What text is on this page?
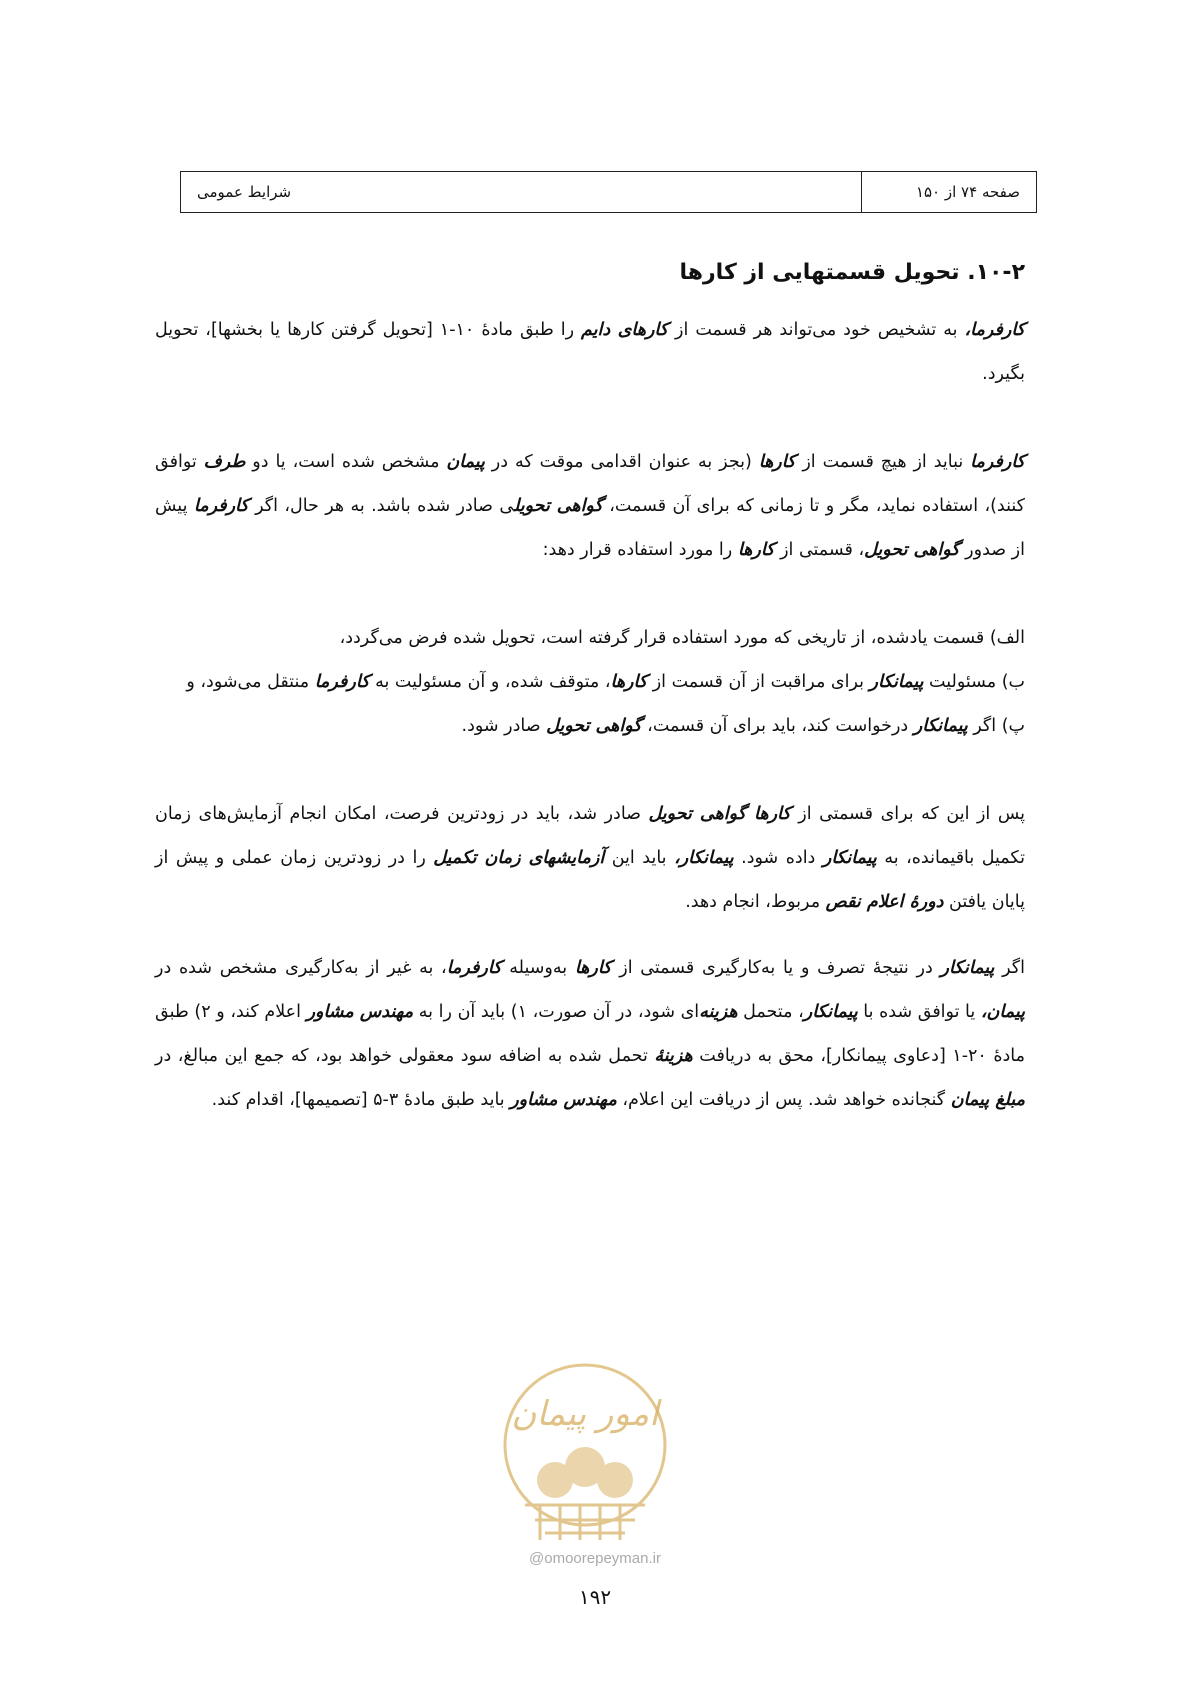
صفحه ۷۴ از ۱۵۰
شرایط عمومی
۱۰-۲. تحویل قسمتهایی از کارها

کارفرما، به تشخیص خود می‌تواند هر قسمت از کارهای دایم را طبق مادهٔ ۱۰-۱ [تحویل گرفتن کارها یا بخشها]، تحویل بگیرد.

کارفرما نباید از هیچ قسمت از کارها (بجز به عنوان اقدامی موقت که در پیمان مشخص شده است، یا دو طرف توافق کنند)، استفاده نماید، مگر و تا زمانی که برای آن قسمت، گواهی تحویلی صادر شده باشد. به هر حال، اگر کارفرما پیش از صدور گواهی تحویل، قسمتی از کارها را مورد استفاده قرار دهد:

الف) قسمت یادشده، از تاریخی که مورد استفاده قرار گرفته است، تحویل شده فرض می‌گردد،

ب) مسئولیت پیمانکار برای مراقبت از آن قسمت از کارها، متوقف شده، و آن مسئولیت به کارفرما منتقل می‌شود، و

پ) اگر پیمانکار درخواست کند، باید برای آن قسمت، گواهی تحویل صادر شود.

پس از این که برای قسمتی از کارها گواهی تحویل صادر شد، باید در زودترین فرصت، امکان انجام آزمایش‌های زمان تکمیل باقیمانده، به پیمانکار داده شود. پیمانکار، باید این آزمایشهای زمان تکمیل را در زودترین زمان عملی و پیش از پایان یافتن دورهٔ اعلام نقص مربوط، انجام دهد.

اگر پیمانکار در نتیجهٔ تصرف و یا به‌کارگیری قسمتی از کارها به‌وسیله کارفرما، به غیر از به‌کارگیری مشخص شده در پیمان، یا توافق شده با پیمانکار، متحمل هزینه‌ای شود، در آن صورت، ۱) باید آن را به مهندس مشاور اعلام کند، و ۲) طبق مادهٔ ۲۰-۱ [دعاوی پیمانکار]، محق به دریافت هزینهٔ تحمل شده به اضافه سود معقولی خواهد بود، که جمع این مبالغ، در مبلغ پیمان گنجانده خواهد شد. پس از دریافت این اعلام، مهندس مشاور باید طبق مادهٔ ۳-۵ [تصمیمها]، اقدام کند.

امور پیمان
@omoorepeyman.ir
۱۹۲
